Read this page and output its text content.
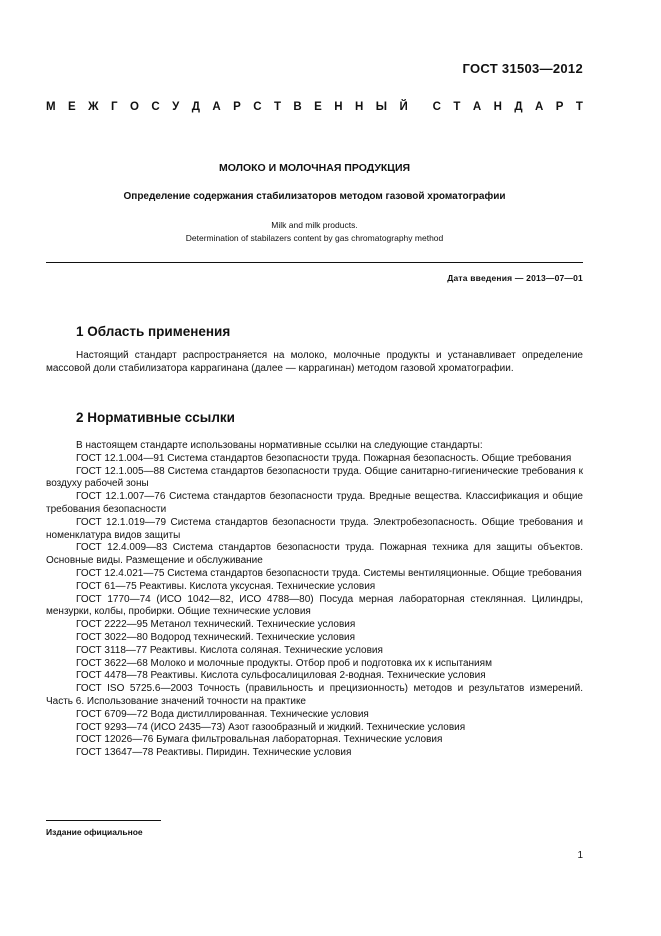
ГОСТ 31503—2012
М Е Ж Г О С У Д А Р С Т В Е Н Н Ы Й С Т А Н Д А Р Т
МОЛОКО И МОЛОЧНАЯ ПРОДУКЦИЯ
Определение содержания стабилизаторов методом газовой хроматографии
Milk and milk products.
Determination of stabilazers content by gas chromatography method
Дата введения — 2013—07—01
1 Область применения

Настоящий стандарт распространяется на молоко, молочные продукты и устанавливает определение массовой доли стабилизатора каррагинана (далее — каррагинан) методом газовой хроматографии.

2 Нормативные ссылки

В настоящем стандарте использованы нормативные ссылки на следующие стандарты:

ГОСТ 12.1.004—91 Система стандартов безопасности труда. Пожарная безопасность. Общие требования

ГОСТ 12.1.005—88 Система стандартов безопасности труда. Общие санитарно-гигиенические требования к воздуху рабочей зоны

ГОСТ 12.1.007—76 Система стандартов безопасности труда. Вредные вещества. Классификация и общие требования безопасности

ГОСТ 12.1.019—79 Система стандартов безопасности труда. Электробезопасность. Общие требования и номенклатура видов защиты

ГОСТ 12.4.009—83 Система стандартов безопасности труда. Пожарная техника для защиты объектов. Основные виды. Размещение и обслуживание

ГОСТ 12.4.021—75 Система стандартов безопасности труда. Системы вентиляционные. Общие требования

ГОСТ 61—75 Реактивы. Кислота уксусная. Технические условия

ГОСТ 1770—74 (ИСО 1042—82, ИСО 4788—80) Посуда мерная лабораторная стеклянная. Цилиндры, мензурки, колбы, пробирки. Общие технические условия

ГОСТ 2222—95 Метанол технический. Технические условия

ГОСТ 3022—80 Водород технический. Технические условия

ГОСТ 3118—77 Реактивы. Кислота соляная. Технические условия

ГОСТ 3622—68 Молоко и молочные продукты. Отбор проб и подготовка их к испытаниям

ГОСТ 4478—78 Реактивы. Кислота сульфосалициловая 2-водная. Технические условия

ГОСТ ISO 5725.6—2003 Точность (правильность и прецизионность) методов и результатов измерений. Часть 6. Использование значений точности на практике

ГОСТ 6709—72 Вода дистиллированная. Технические условия

ГОСТ 9293—74 (ИСО 2435—73) Азот газообразный и жидкий. Технические условия

ГОСТ 12026—76 Бумага фильтровальная лабораторная. Технические условия

ГОСТ 13647—78 Реактивы. Пиридин. Технические условия

Издание официальное
1
